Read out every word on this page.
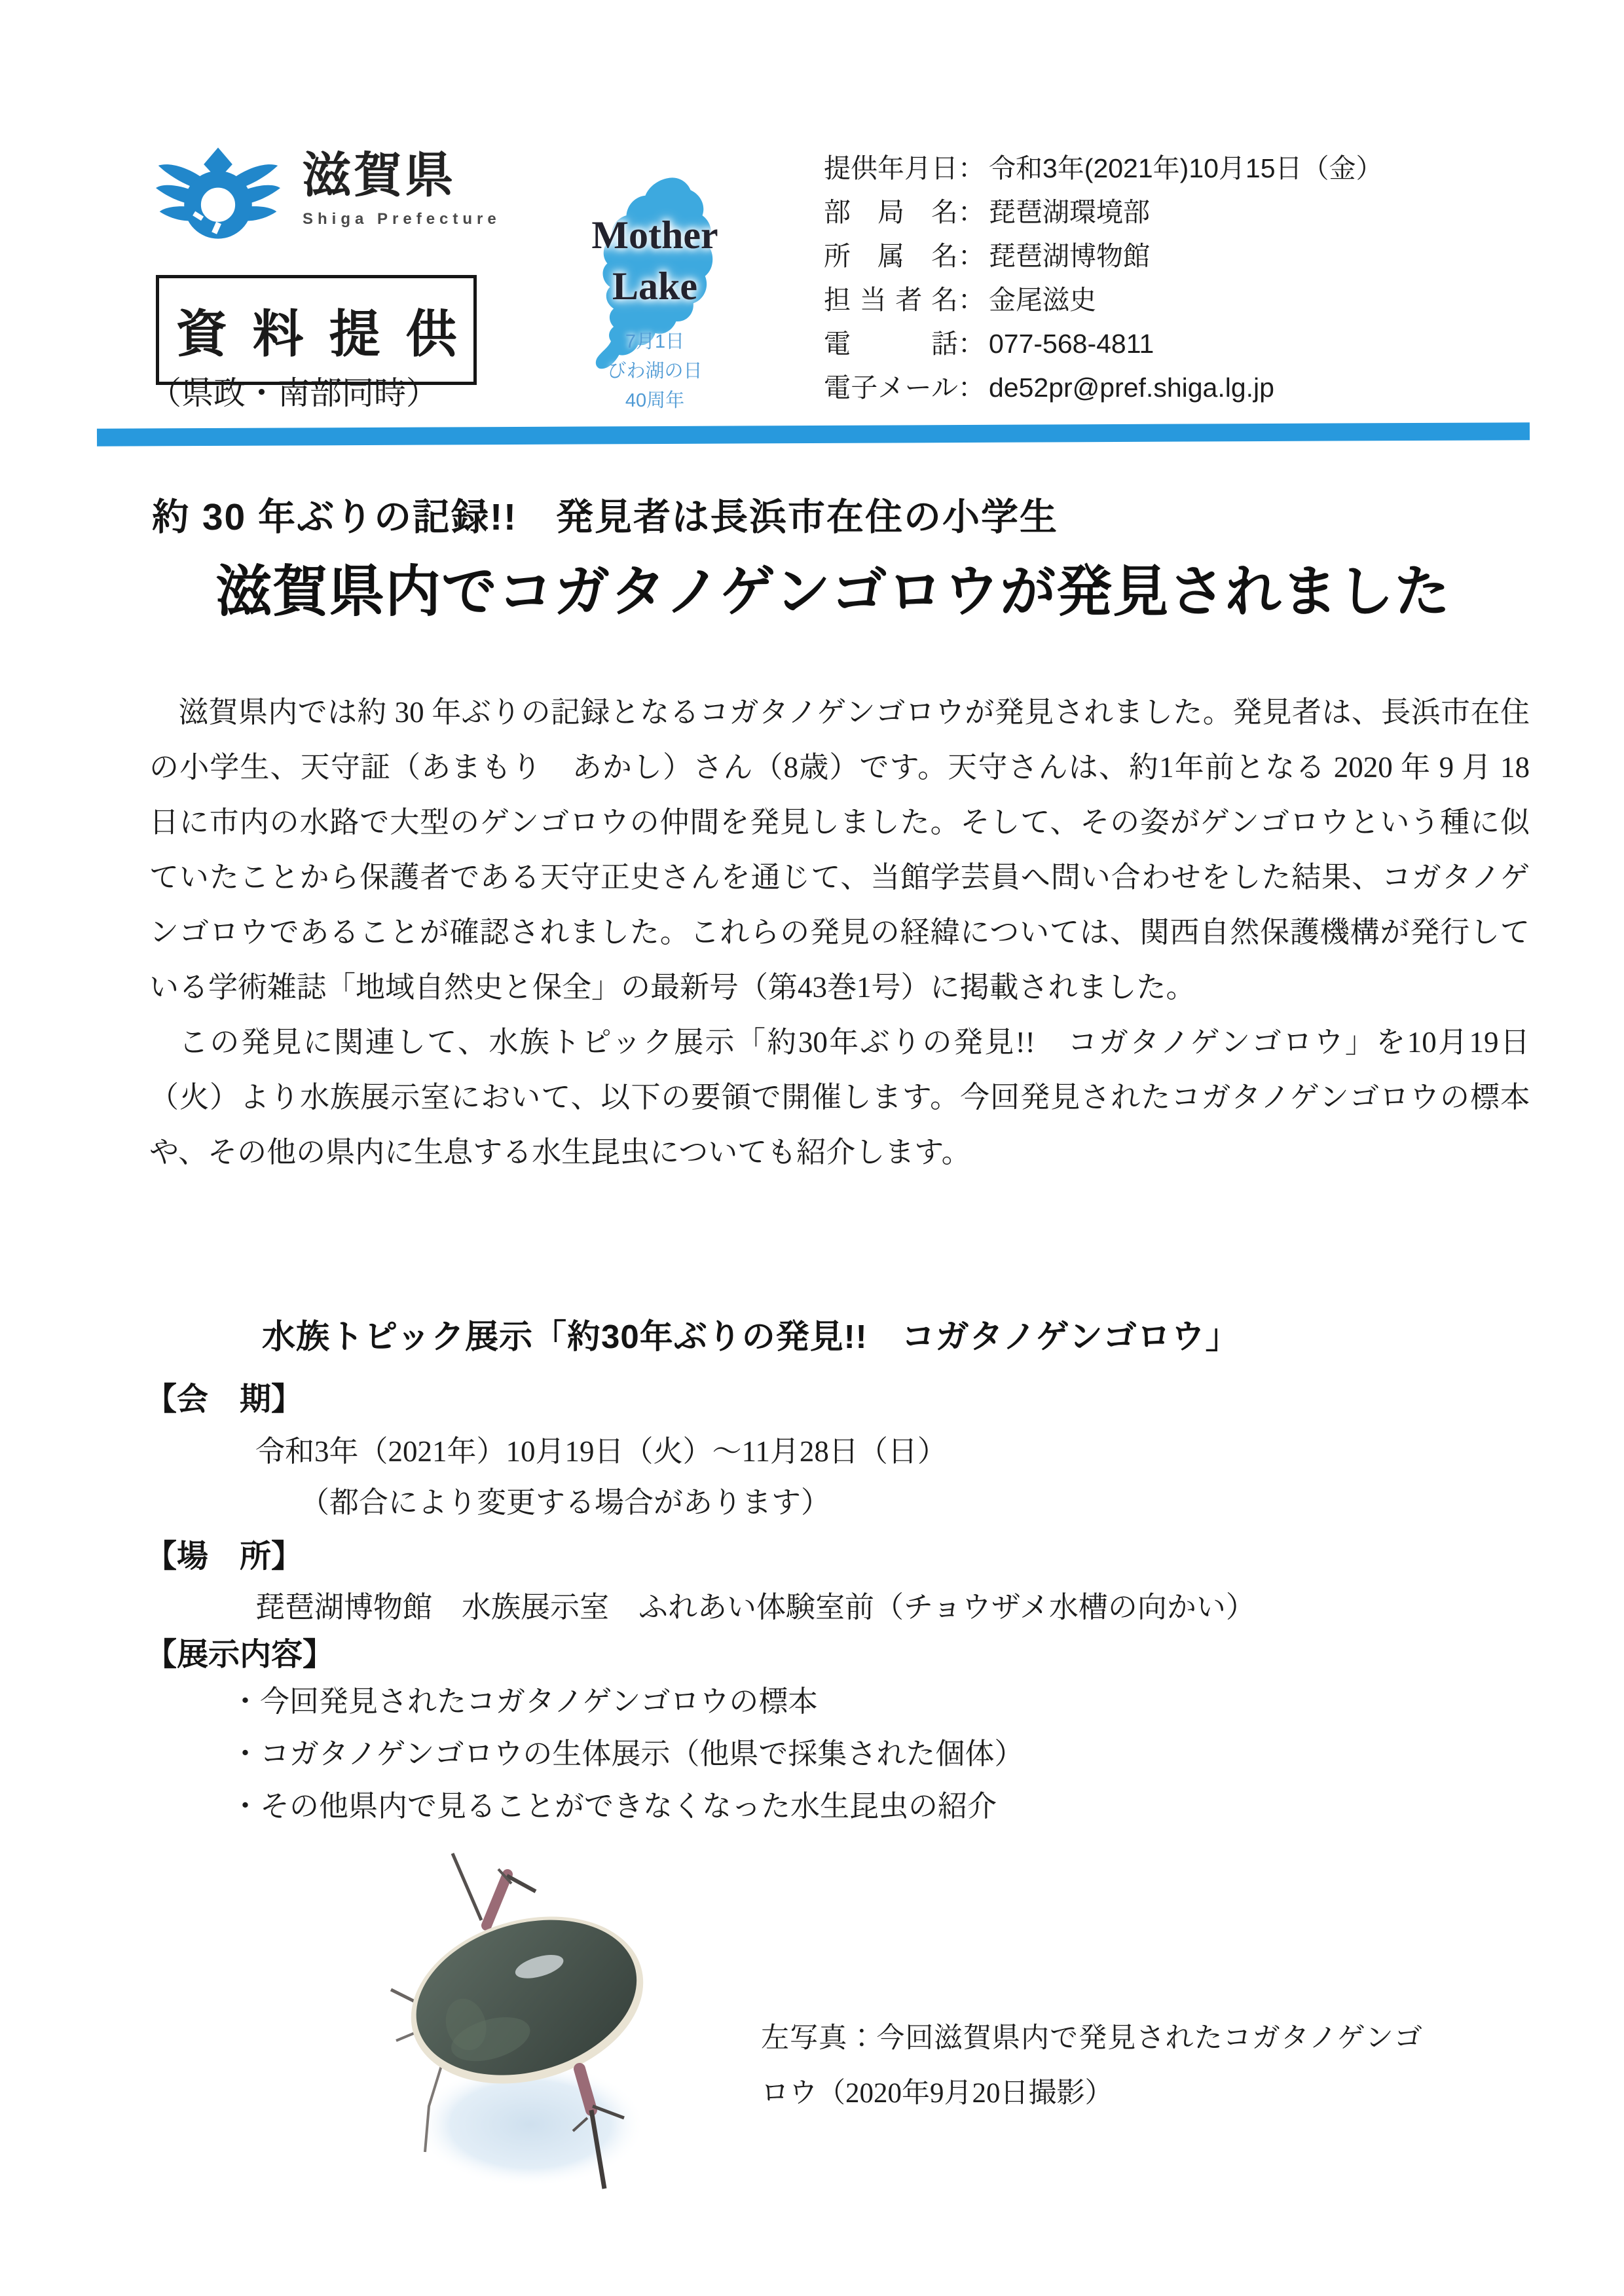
滋賀県
Shiga Prefecture
資料提供
（県政・南部同時）
Mother
Lake
7月1日
びわ湖の日
40周年
提供年月日： 令和3年(2021年)10月15日（金）
部局名： 琵琶湖環境部
所属名： 琵琶湖博物館
担当者名： 金尾滋史
電話： 077-568-4811
電子メール： de52pr@pref.shiga.lg.jp
約 30 年ぶりの記録!!　発見者は長浜市在住の小学生
滋賀県内でコガタノゲンゴロウが発見されました

滋賀県内では約 30 年ぶりの記録となるコガタノゲンゴロウが発見されました。発見者は、長浜市在住の小学生、天守証（あまもり　あかし）さん（8歳）です。天守さんは、約1年前となる 2020 年 9 月 18 日に市内の水路で大型のゲンゴロウの仲間を発見しました。そして、その姿がゲンゴロウという種に似ていたことから保護者である天守正史さんを通じて、当館学芸員へ問い合わせをした結果、コガタノゲンゴロウであることが確認されました。これらの発見の経緯については、関西自然保護機構が発行している学術雑誌「地域自然史と保全」の最新号（第43巻1号）に掲載されました。

この発見に関連して、水族トピック展示「約30年ぶりの発見!!　コガタノゲンゴロウ」を10月19日（火）より水族展示室において、以下の要領で開催します。今回発見されたコガタノゲンゴロウの標本や、その他の県内に生息する水生昆虫についても紹介します。

水族トピック展示「約30年ぶりの発見!!　コガタノゲンゴロウ」
【会　期】
令和3年（2021年）10月19日（火）～11月28日（日）
（都合により変更する場合があります）
【場　所】
琵琶湖博物館　水族展示室　ふれあい体験室前（チョウザメ水槽の向かい）
【展示内容】
・今回発見されたコガタノゲンゴロウの標本
・コガタノゲンゴロウの生体展示（他県で採集された個体）
・その他県内で見ることができなくなった水生昆虫の紹介
左写真：今回滋賀県内で発見されたコガタノゲンゴロウ（2020年9月20日撮影）
